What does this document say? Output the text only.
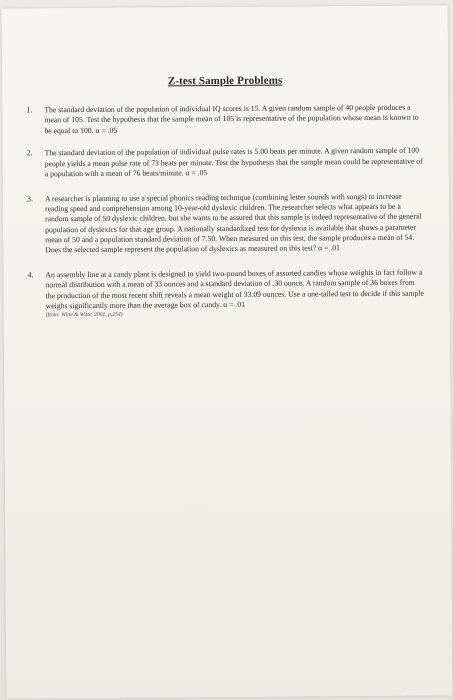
Z-test Sample Problems
1. The standard deviation of the population of individual IQ scores is 15. A given random sample of 40 people produces a mean of 105. Test the hypothesis that the sample mean of 105 is representative of the population whose mean is known to be equal to 100. α = .05
2. The standard deviation of the population of individual pulse rates is 5.00 beats per minute. A given random sample of 100 people yields a mean pulse rate of 73 beats per minute. Test the hypothesis that the sample mean could be representative of a population with a mean of 76 beats/minute. α = .05
3. A researcher is planning to use a special phonics reading technique (combining letter sounds with songs) to increase reading speed and comprehension among 10-year-old dyslexic children. The researcher selects what appears to be a random sample of 50 dyslexic children, but she wants to be assured that this sample is indeed representative of the general population of dyslexics for that age group. A nationally standardized test for dyslexia is available that shows a parameter mean of 50 and a population standard deviation of 7.50. When measured on this test, the sample produces a mean of 54. Does the selected sample represent the population of dyslexics as measured on this test? α = .01
4. An assembly line at a candy plant is designed to yield two-pound boxes of assorted candies whose weights in fact follow a normal distribution with a mean of 33 ounces and a standard deviation of .30 ounce. A random sample of 36 boxes from the production of the most recent shift reveals a mean weight of 33.09 ounces. Use a one-tailed test to decide if this sample weighs significantly more than the average box of candy. α = .01
(from: Witte & Witte, 2001, p.254)
